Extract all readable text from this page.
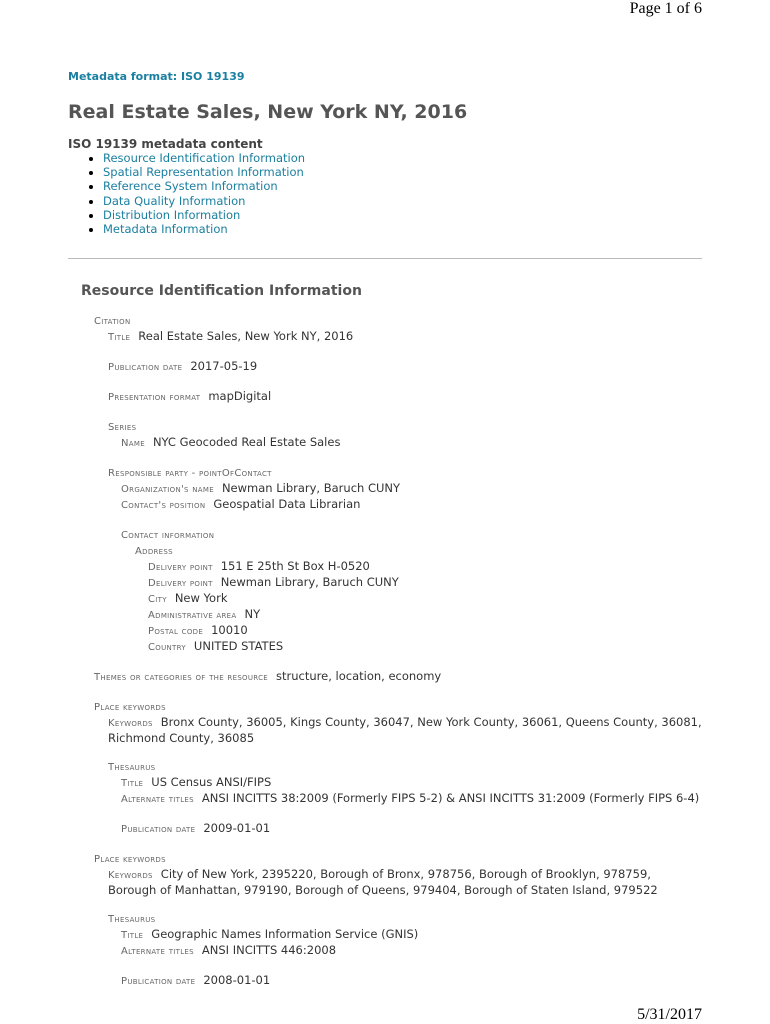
Page 1 of 6

Metadata format: ISO 19139

Real Estate Sales, New York NY, 2016
ISO 19139 metadata content
• Resource Identification Information
• Spatial Representation Information
• Reference System Information
• Data Quality Information
• Distribution Information
• Metadata Information
Resource Identification Information
Citation
Title Real Estate Sales, New York NY, 2016
Publication date 2017-05-19
Presentation format mapDigital
Series
Name NYC Geocoded Real Estate Sales
Responsible party - pointOfContact
Organization's name Newman Library, Baruch CUNY
Contact's position Geospatial Data Librarian
Contact information
Address
Delivery point 151 E 25th St Box H-0520
Delivery point Newman Library, Baruch CUNY
City New York
Administrative area NY
Postal code 10010
Country UNITED STATES
Themes or categories of the resource structure, location, economy
Place keywords
Keywords Bronx County, 36005, Kings County, 36047, New York County, 36061, Queens County, 36081, Richmond County, 36085
Thesaurus
Title US Census ANSI/FIPS
Alternate titles ANSI INCITTS 38:2009 (Formerly FIPS 5-2) & ANSI INCITTS 31:2009 (Formerly FIPS 6-4)
Publication date 2009-01-01
Place keywords
Keywords City of New York, 2395220, Borough of Bronx, 978756, Borough of Brooklyn, 978759, Borough of Manhattan, 979190, Borough of Queens, 979404, Borough of Staten Island, 979522
Thesaurus
Title Geographic Names Information Service (GNIS)
Alternate titles ANSI INCITTS 446:2008
Publication date 2008-01-01
5/31/2017
